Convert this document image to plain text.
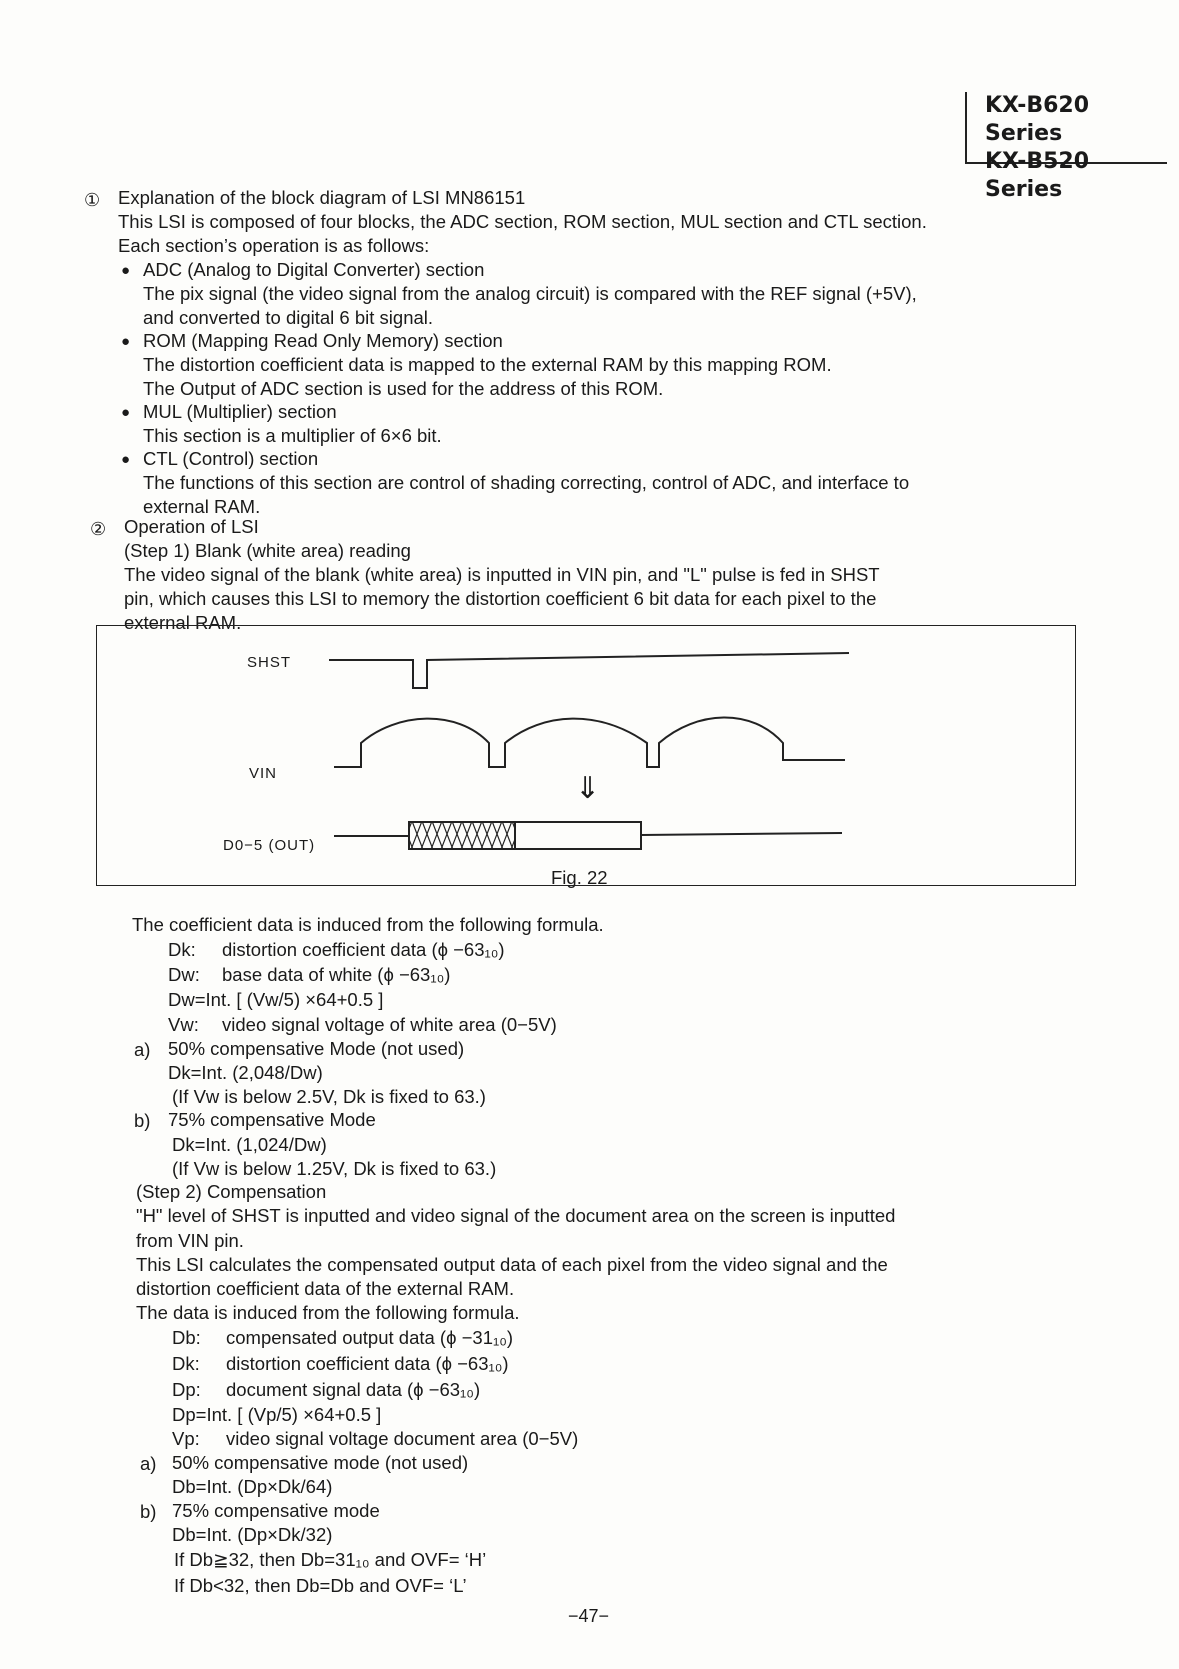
KX-B620 Series
KX-B520 Series
① Explanation of the block diagram of LSI MN86151
This LSI is composed of four blocks, the ADC section, ROM section, MUL section and CTL section.
Each section’s operation is as follows:
● ADC (Analog to Digital Converter) section
The pix signal (the video signal from the analog circuit) is compared with the REF signal (+5V),
and converted to digital 6 bit signal.
● ROM (Mapping Read Only Memory) section
The distortion coefficient data is mapped to the external RAM by this mapping ROM.
The Output of ADC section is used for the address of this ROM.
● MUL (Multiplier) section
This section is a multiplier of 6×6 bit.
● CTL (Control) section
The functions of this section are control of shading correcting, control of ADC, and interface to
external RAM.
② Operation of LSI
(Step 1) Blank (white area) reading
The video signal of the blank (white area) is inputted in VIN pin, and "L" pulse is fed in SHST
pin, which causes this LSI to memory the distortion coefficient 6 bit data for each pixel to the
external RAM.
SHST
VIN
D0−5 (OUT)
⇓
Fig. 22
The coefficient data is induced from the following formula.
Dk: distortion coefficient data (ϕ −63₁₀)
Dw: base data of white (ϕ −63₁₀)
Dw=Int. [ (Vw/5) ×64+0.5 ]
Vw: video signal voltage of white area (0−5V)
a) 50% compensative Mode (not used)
Dk=Int. (2,048/Dw)
(If Vw is below 2.5V, Dk is fixed to 63.)
b) 75% compensative Mode
Dk=Int. (1,024/Dw)
(If Vw is below 1.25V, Dk is fixed to 63.)
(Step 2) Compensation
"H" level of SHST is inputted and video signal of the document area on the screen is inputted
from VIN pin.
This LSI calculates the compensated output data of each pixel from the video signal and the
distortion coefficient data of the external RAM.
The data is induced from the following formula.
Db: compensated output data (ϕ −31₁₀)
Dk: distortion coefficient data (ϕ −63₁₀)
Dp: document signal data (ϕ −63₁₀)
Dp=Int. [ (Vp/5) ×64+0.5 ]
Vp: video signal voltage document area (0−5V)
a) 50% compensative mode (not used)
Db=Int. (Dp×Dk/64)
b) 75% compensative mode
Db=Int. (Dp×Dk/32)
If Db≧32, then Db=31₁₀ and OVF= ‘H’
If Db<32, then Db=Db and OVF= ‘L’
−47−
